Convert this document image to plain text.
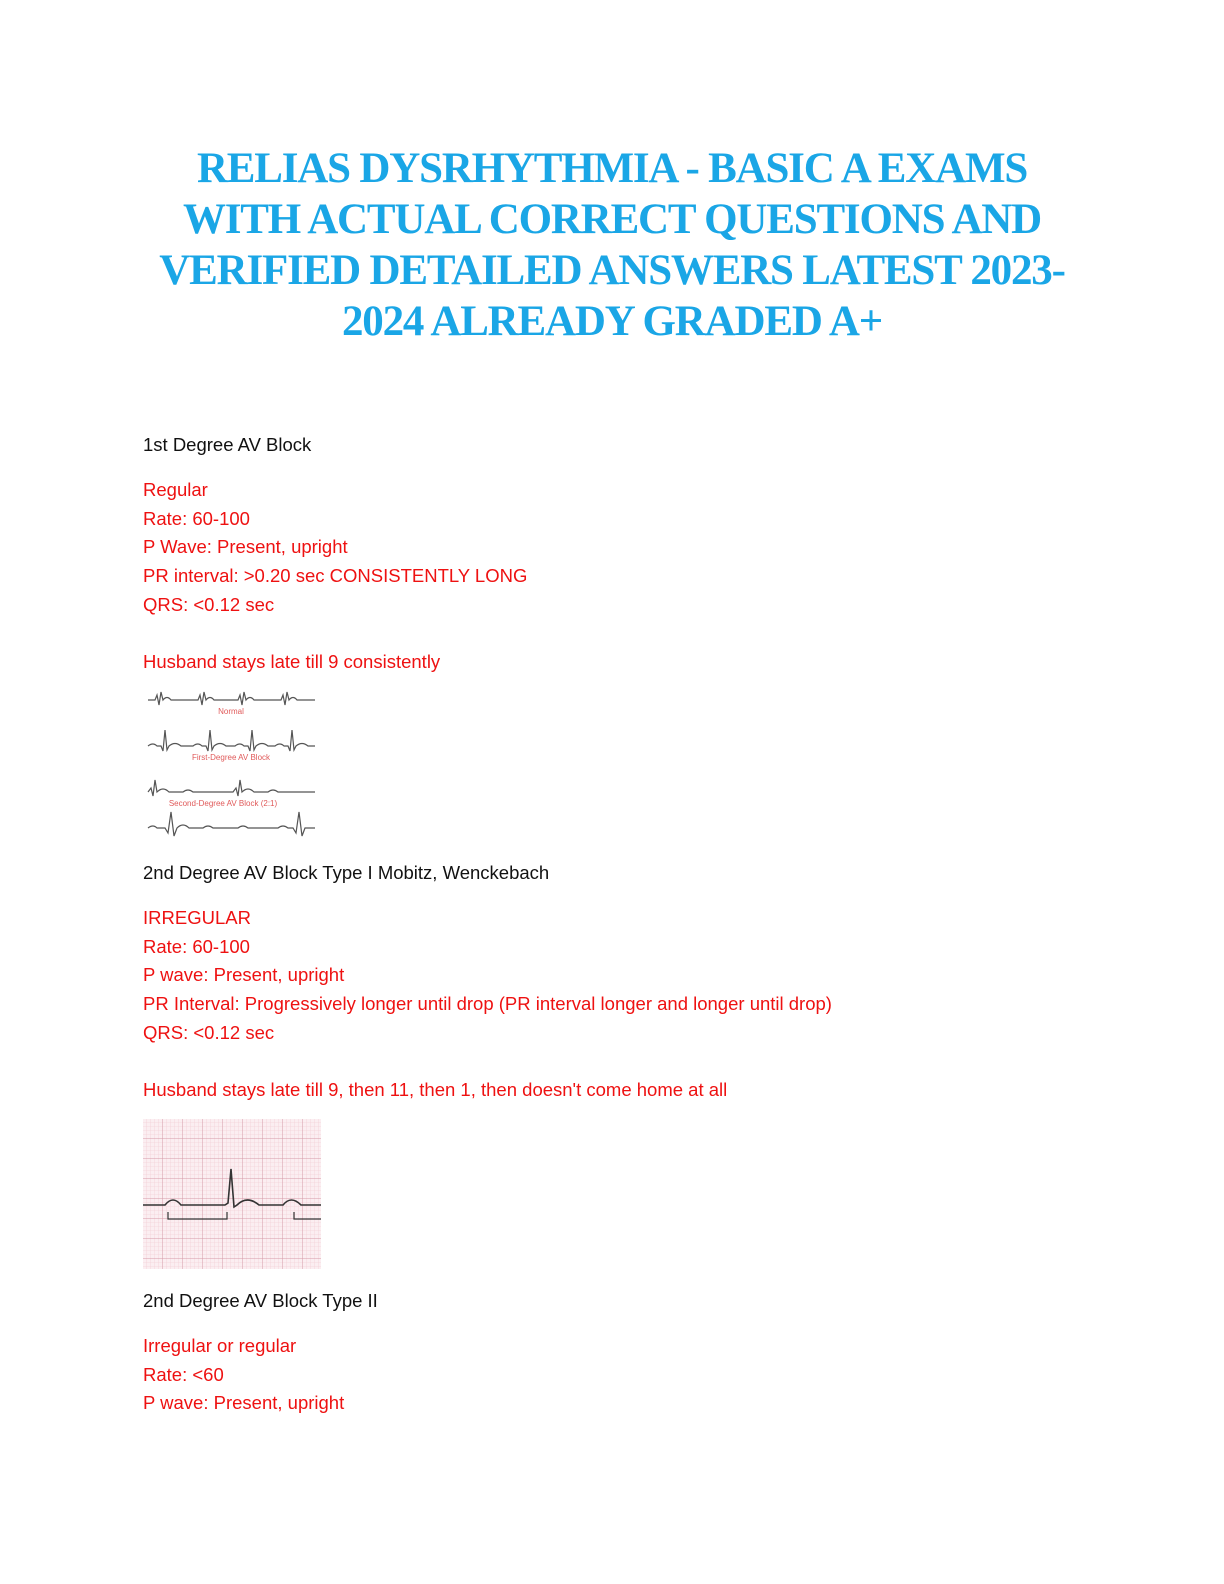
RELIAS DYSRHYTHMIA - BASIC A EXAMS
WITH ACTUAL CORRECT QUESTIONS AND
VERIFIED DETAILED ANSWERS LATEST 2023-
2024 ALREADY GRADED A+
1st Degree AV Block
Regular
Rate: 60-100
P Wave: Present, upright
PR interval: >0.20 sec CONSISTENTLY LONG
QRS: <0.12 sec
Husband stays late till 9 consistently
Normal
First-Degree AV Block
Second-Degree AV Block (2:1)
2nd Degree AV Block Type I Mobitz, Wenckebach
IRREGULAR
Rate: 60-100
P wave: Present, upright
PR Interval: Progressively longer until drop (PR interval longer and longer until drop)
QRS: <0.12 sec
Husband stays late till 9, then 11, then 1, then doesn't come home at all
2nd Degree AV Block Type II
Irregular or regular
Rate: <60
P wave: Present, upright
